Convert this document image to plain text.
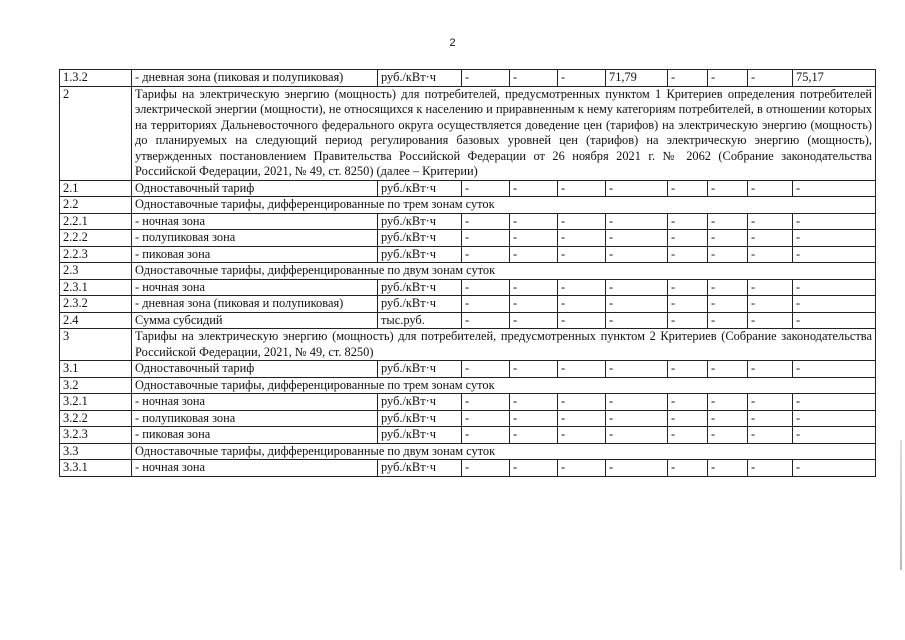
2
1.3.2	- дневная зона (пиковая и полупиковая)	руб./кВт·ч	-	-	-	71,79	-	-	-	75,17
2	Тарифы на электрическую энергию (мощность) для потребителей, предусмотренных пунктом 1 Критериев определения потребителей электрической энергии (мощности), не относящихся к населению и приравненным к нему категориям потребителей, в отношении которых на территориях Дальневосточного федерального округа осуществляется доведение цен (тарифов) на электрическую энергию (мощность) до планируемых на следующий период регулирования базовых уровней цен (тарифов) на электрическую энергию (мощность), утвержденных постановлением Правительства Российской Федерации от 26 ноября 2021 г. № 2062 (Собрание законодательства Российской Федерации, 2021, № 49, ст. 8250) (далее – Критерии)									
2.1	Одноставочный тариф	руб./кВт·ч	-	-	-	-	-	-	-	-
2.2	Одноставочные тарифы, дифференцированные по трем зонам суток									
2.2.1	- ночная зона	руб./кВт·ч	-	-	-	-	-	-	-	-
2.2.2	- полупиковая зона	руб./кВт·ч	-	-	-	-	-	-	-	-
2.2.3	- пиковая зона	руб./кВт·ч	-	-	-	-	-	-	-	-
2.3	Одноставочные тарифы, дифференцированные по двум зонам суток									
2.3.1	- ночная зона	руб./кВт·ч	-	-	-	-	-	-	-	-
2.3.2	- дневная зона (пиковая и полупиковая)	руб./кВт·ч	-	-	-	-	-	-	-	-
2.4	Сумма субсидий	тыс.руб.	-	-	-	-	-	-	-	-
3	Тарифы на электрическую энергию (мощность) для потребителей, предусмотренных пунктом 2 Критериев (Собрание законодательства Российской Федерации, 2021, № 49, ст. 8250)									
3.1	Одноставочный тариф	руб./кВт·ч	-	-	-	-	-	-	-	-
3.2	Одноставочные тарифы, дифференцированные по трем зонам суток									
3.2.1	- ночная зона	руб./кВт·ч	-	-	-	-	-	-	-	-
3.2.2	- полупиковая зона	руб./кВт·ч	-	-	-	-	-	-	-	-
3.2.3	- пиковая зона	руб./кВт·ч	-	-	-	-	-	-	-	-
3.3	Одноставочные тарифы, дифференцированные по двум зонам суток									
3.3.1	- ночная зона	руб./кВт·ч	-	-	-	-	-	-	-	-
